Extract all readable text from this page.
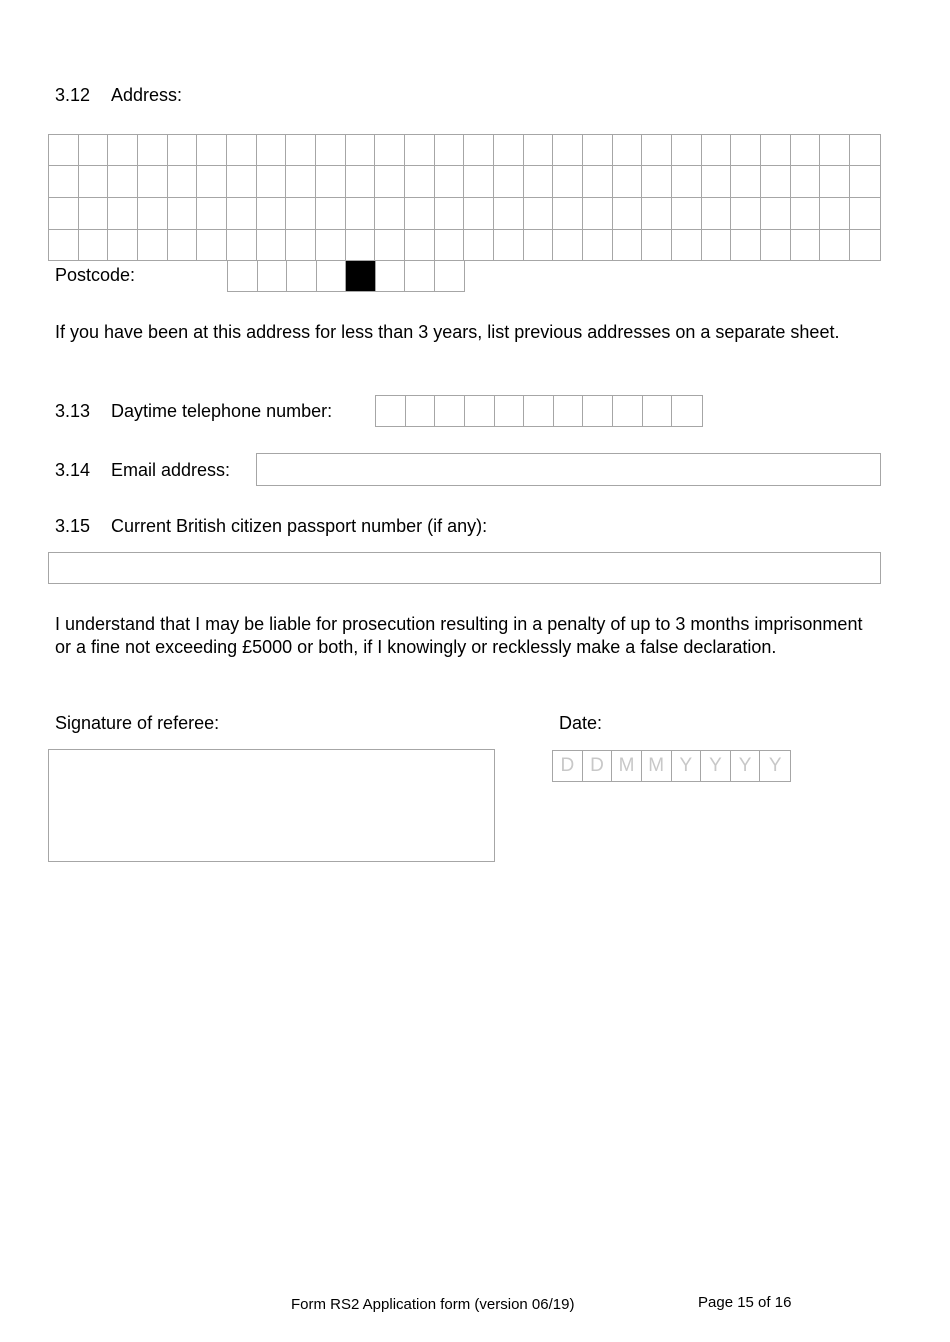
3.12 Address:
Postcode:
If you have been at this address for less than 3 years, list previous addresses on a separate sheet.
3.13 Daytime telephone number:
3.14 Email address:
3.15 Current British citizen passport number (if any):
I understand that I may be liable for prosecution resulting in a penalty of up to 3 months imprisonment or a fine not exceeding £5000 or both, if I knowingly or recklessly make a false declaration.
Signature of referee:	Date:
D D M M Y Y Y Y
Form RS2 Application form (version 06/19)	Page 15 of 16
